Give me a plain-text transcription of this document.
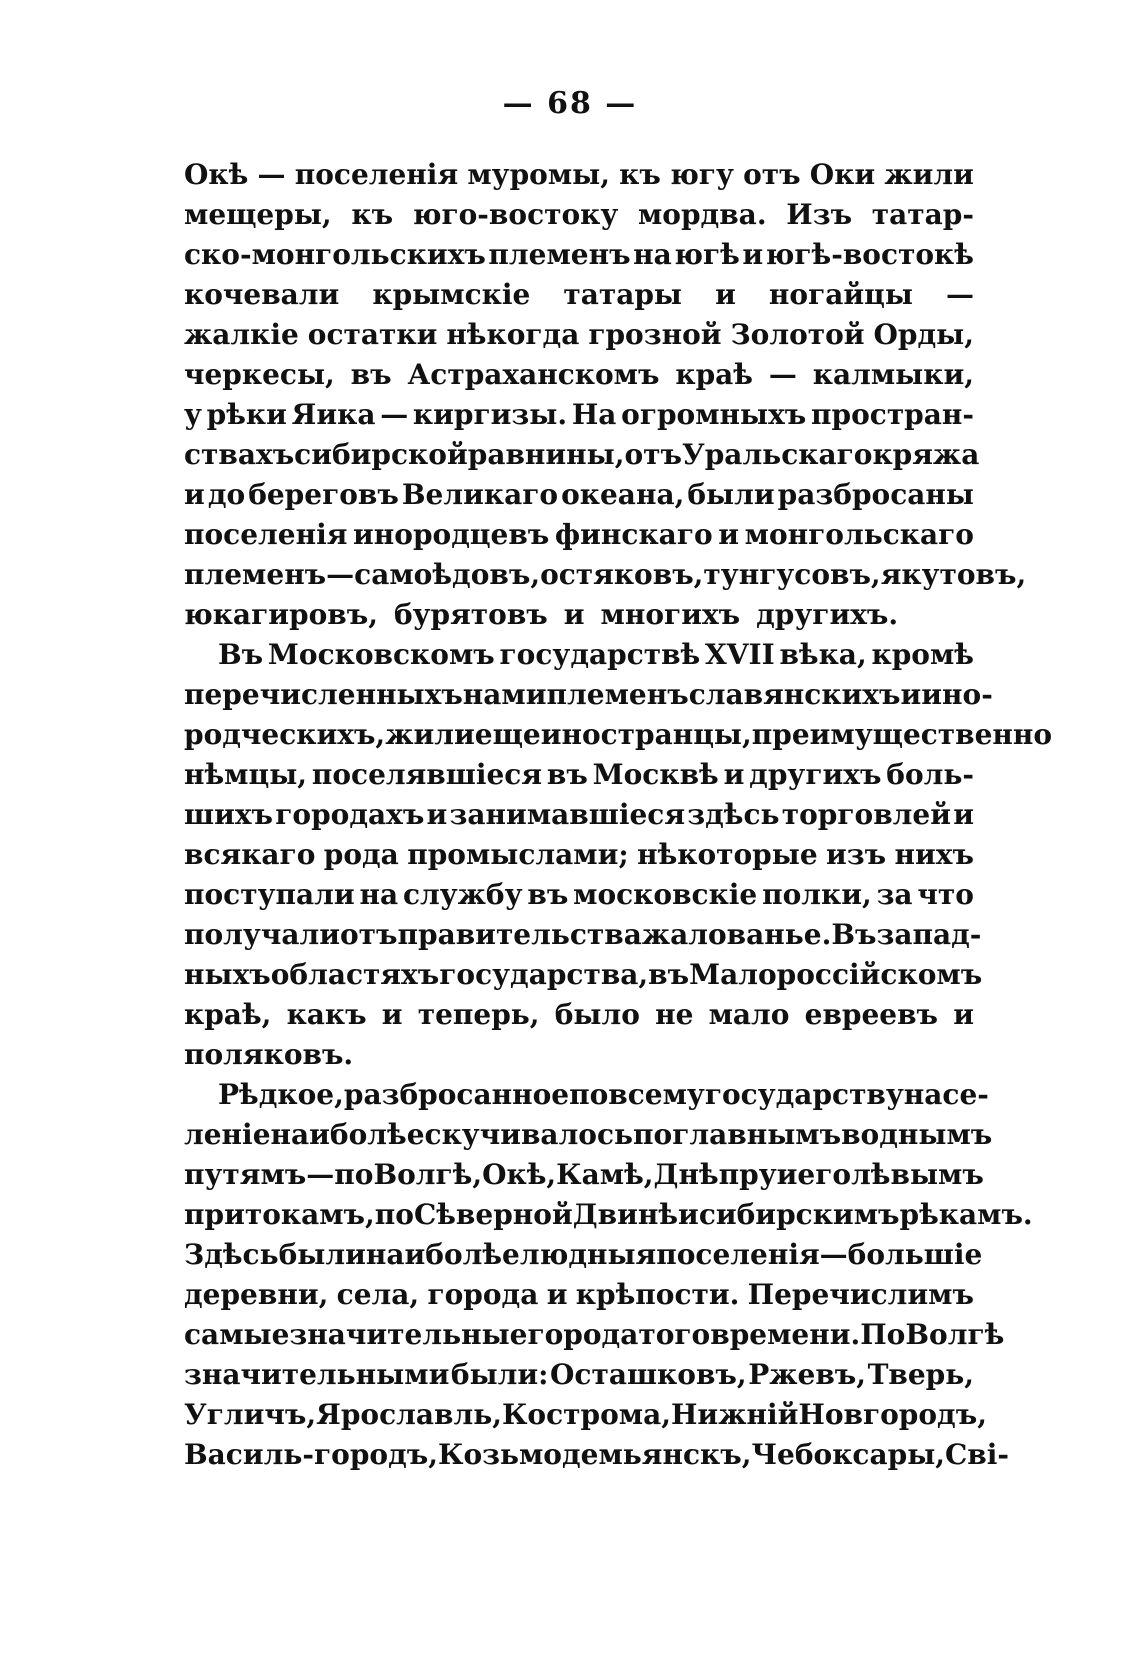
— 68 —
Окѣ — поселенія муромы, къ югу отъ Оки жили
мещеры, къ юго-востоку мордва. Изъ татар-
ско-монгольскихъ племенъ на югѣ и югѣ-востокѣ
кочевали крымскіе татары и ногайцы —
жалкіе остатки нѣкогда грозной Золотой Орды,
черкесы, въ Астраханскомъ краѣ — калмыки,
у рѣки Яика — киргизы. На огромныхъ простран-
ствахъ сибирской равнины, отъ Уральскаго кряжа
и до береговъ Великаго океана, были разбросаны
поселенія инородцевъ финскаго и монгольскаго
племенъ — самоѣдовъ, остяковъ, тунгусовъ, якутовъ,
юкагировъ, бурятовъ и многихъ другихъ.
Въ Московскомъ государствѣ XVII вѣка, кромѣ
перечисленныхъ нами племенъ славянскихъ и ино-
родческихъ, жили еще иностранцы, преимущественно
нѣмцы, поселявшіеся въ Москвѣ и другихъ боль-
шихъ городахъ и занимавшіеся здѣсь торговлей и
всякаго рода промыслами; нѣкоторые изъ нихъ
поступали на службу въ московскіе полки, за что
получали отъ правительства жалованье. Въ запад-
ныхъ областяхъ государства, въ Малороссійскомъ
краѣ, какъ и теперь, было не мало евреевъ и
поляковъ.
Рѣдкое, разбросанное по всему государству насе-
леніе наиболѣе скучивалось по главнымъ воднымъ
путямъ — по Волгѣ, Окѣ, Камѣ, Днѣпру и его лѣвымъ
притокамъ, по Сѣверной Двинѣ и сибирскимъ рѣкамъ.
Здѣсь были наиболѣе людныя поселенія — большіе
деревни, села, города и крѣпости. Перечислимъ
самые значительные города того времени. По Волгѣ
значительными были: Осташковъ, Ржевъ, Тверь,
Угличъ, Ярославль, Кострома, Нижній Новгородъ,
Василь-городъ, Козьмодемьянскъ, Чебоксары, Сві-
